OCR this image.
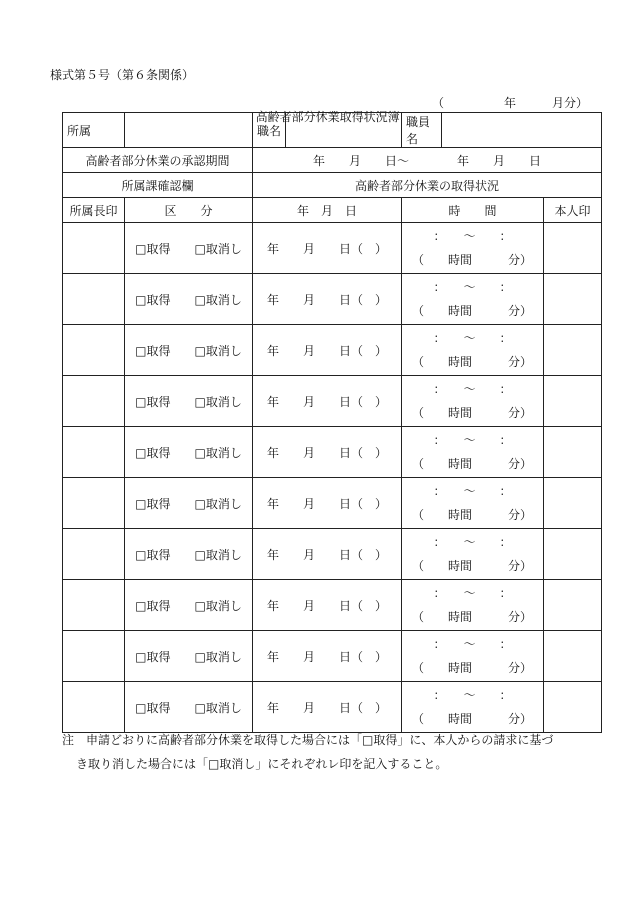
様式第５号（第６条関係）

高齢者部分休業取得状況簿

（　　　　　年　　　月分）

所属		職名		職員名		
高齢者部分休業の承認期間		年　　月　　日～　　　　年　　月　　日				
所属課確認欄		高齢者部分休業の取得状況				
所属長印	区　　分	年　月　日		時　　間		本人印
	□取得　　 □取消し	年　　月　　日（　）		：　　～　　：
（　　時間　　　分）		

	□取得　　 □取消し	年　　月　　日（　）		：　　～　　：
（　　時間　　　分）		

	□取得　　 □取消し	年　　月　　日（　）		：　　～　　：
（　　時間　　　分）		

	□取得　　 □取消し	年　　月　　日（　）		：　　～　　：
（　　時間　　　分）		

	□取得　　 □取消し	年　　月　　日（　）		：　　～　　：
（　　時間　　　分）		

	□取得　　 □取消し	年　　月　　日（　）		：　　～　　：
（　　時間　　　分）		

	□取得　　 □取消し	年　　月　　日（　）		：　　～　　：
（　　時間　　　分）		

	□取得　　 □取消し	年　　月　　日（　）		：　　～　　：
（　　時間　　　分）		

	□取得　　 □取消し	年　　月　　日（　）		：　　～　　：
（　　時間　　　分）		

	□取得　　 □取消し	年　　月　　日（　）		：　　～　　：
（　　時間　　　分）		

注　申請どおりに高齢者部分休業を取得した場合には「□取得」に、本人からの請求に基づ
き取り消した場合には「□取消し」にそれぞれレ印を記入すること。
